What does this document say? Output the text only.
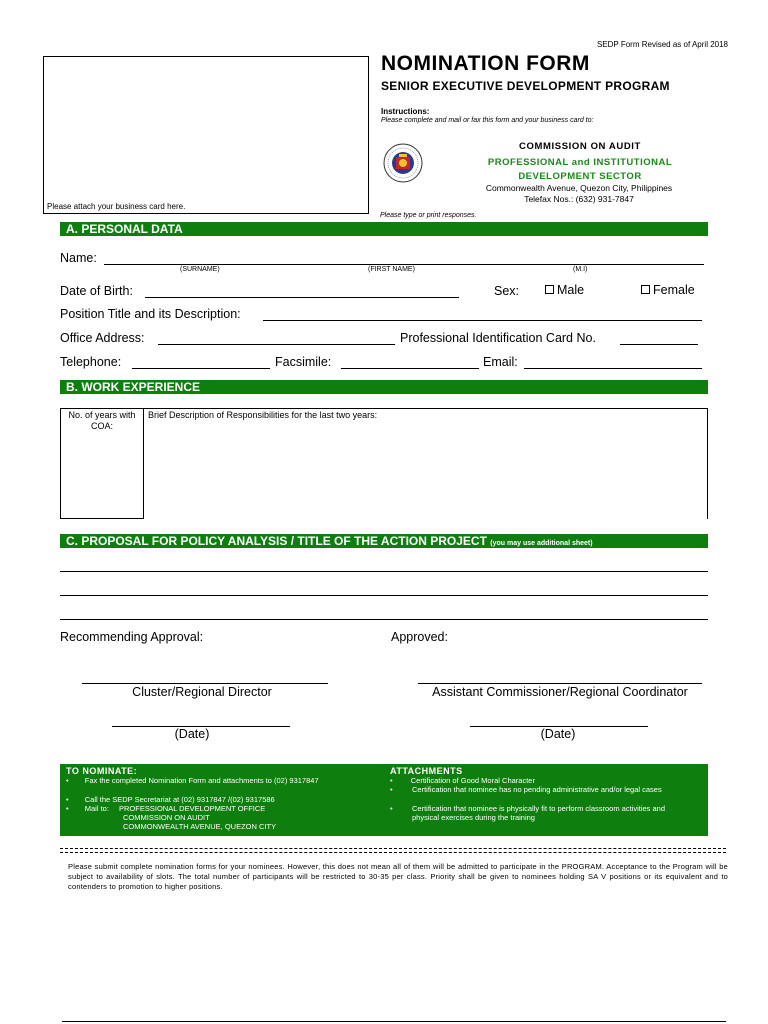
Please attach your business card here.
SEDP Form Revised as of April 2018
NOMINATION FORM
SENIOR EXECUTIVE DEVELOPMENT PROGRAM
Instructions:
Please complete and mail or fax this form and your business card to:
COMMISSION ON AUDIT
PROFESSIONAL and INSTITUTIONAL
DEVELOPMENT SECTOR
Commonwealth Avenue, Quezon City, Philippines
Telefax Nos.: (632) 931-7847
Please type or print responses.
A. PERSONAL DATA
Name:
(SURNAME)	(FIRST NAME)	(M.I)
Date of Birth:	Sex:	Male	Female
Position Title and its Description:
Office Address:	Professional Identification Card No.
Telephone:	Facsimile:	Email:
B. WORK EXPERIENCE
No. of years with COA:
Brief Description of Responsibilities for the last two years:
C. PROPOSAL FOR POLICY ANALYSIS / TITLE OF THE ACTION PROJECT (you may use additional sheet)
Recommending Approval:	Approved:
Cluster/Regional Director	Assistant Commissioner/Regional Coordinator
(Date)	(Date)
TO NOMINATE:
• Fax the completed Nomination Form and attachments to (02) 9317847
• Call the SEDP Secretariat at (02) 9317847 /(02) 9317586
• Mail to: PROFESSIONAL DEVELOPMENT OFFICE
COMMISSION ON AUDIT
COMMONWEALTH AVENUE, QUEZON CITY
ATTACHMENTS
• Certification of Good Moral Character
•	Certification that nominee has no pending administrative and/or legal cases
•	Certification that nominee is physically fit to perform classroom activities and physical exercises during the training
Please submit complete nomination forms for your nominees. However, this does not mean all of them will be admitted to participate in the PROGRAM. Acceptance to the Program will be subject to availability of slots. The total number of participants will be restricted to 30-35 per class. Priority shall be given to nominees holding SA V positions or its equivalent and to contenders to promotion to higher positions.
